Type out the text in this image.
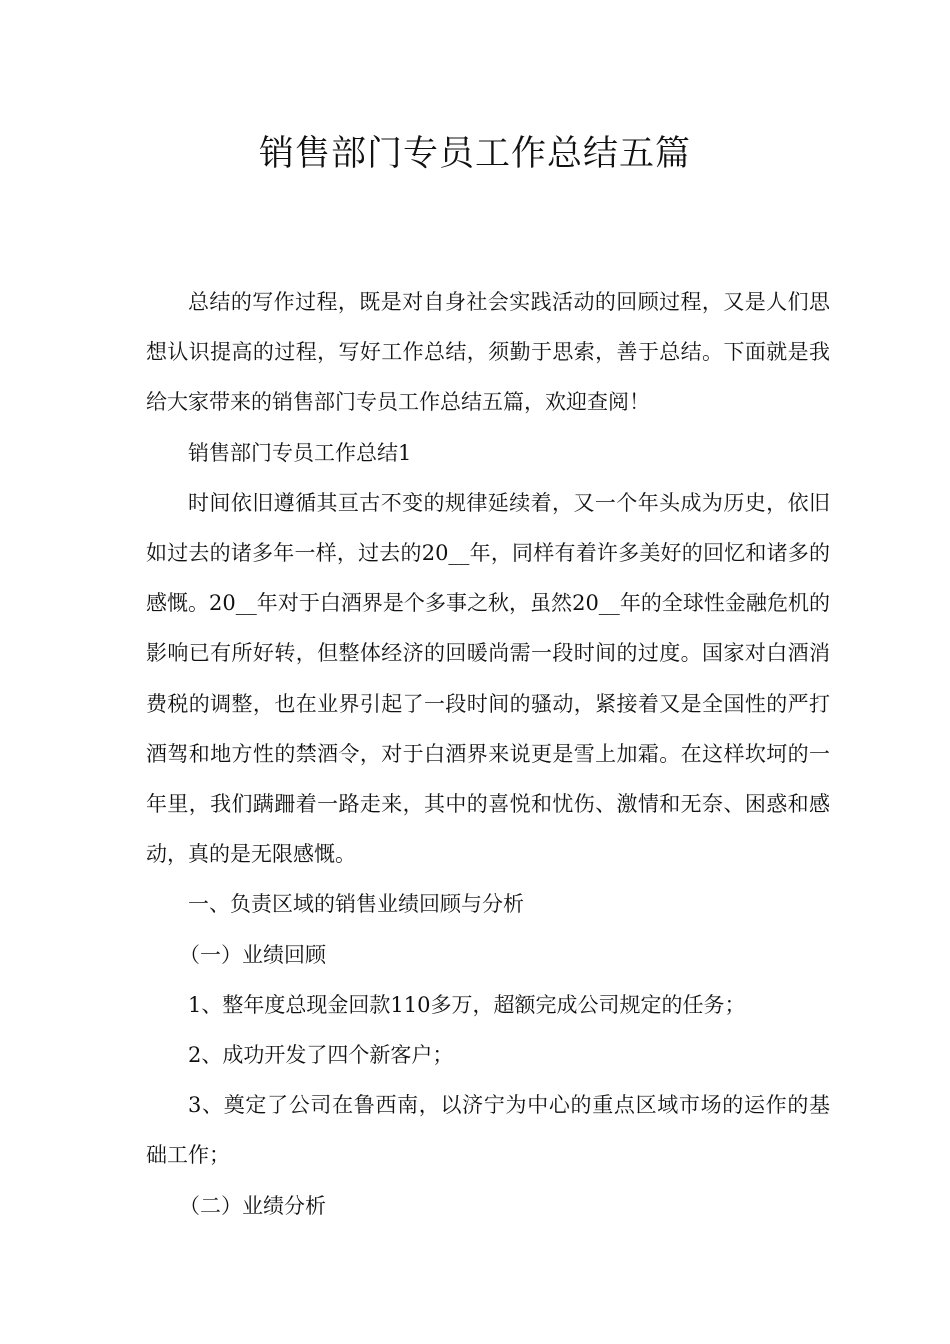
销售部门专员工作总结五篇

总结的写作过程，既是对自身社会实践活动的回顾过程，又是人们思想认识提高的过程，写好工作总结，须勤于思索，善于总结。下面就是我给大家带来的销售部门专员工作总结五篇，欢迎查阅！

销售部门专员工作总结1

时间依旧遵循其亘古不变的规律延续着，又一个年头成为历史，依旧如过去的诸多年一样，过去的20__年，同样有着许多美好的回忆和诸多的感慨。20__年对于白酒界是个多事之秋，虽然20__年的全球性金融危机的影响已有所好转，但整体经济的回暖尚需一段时间的过度。国家对白酒消费税的调整，也在业界引起了一段时间的骚动，紧接着又是全国性的严打酒驾和地方性的禁酒令，对于白酒界来说更是雪上加霜。在这样坎坷的一年里，我们蹒跚着一路走来，其中的喜悦和忧伤、激情和无奈、困惑和感动，真的是无限感慨。

一、负责区域的销售业绩回顾与分析

（一）业绩回顾

1、整年度总现金回款110多万，超额完成公司规定的任务；

2、成功开发了四个新客户；

3、奠定了公司在鲁西南，以济宁为中心的重点区域市场的运作的基础工作；

（二）业绩分析
